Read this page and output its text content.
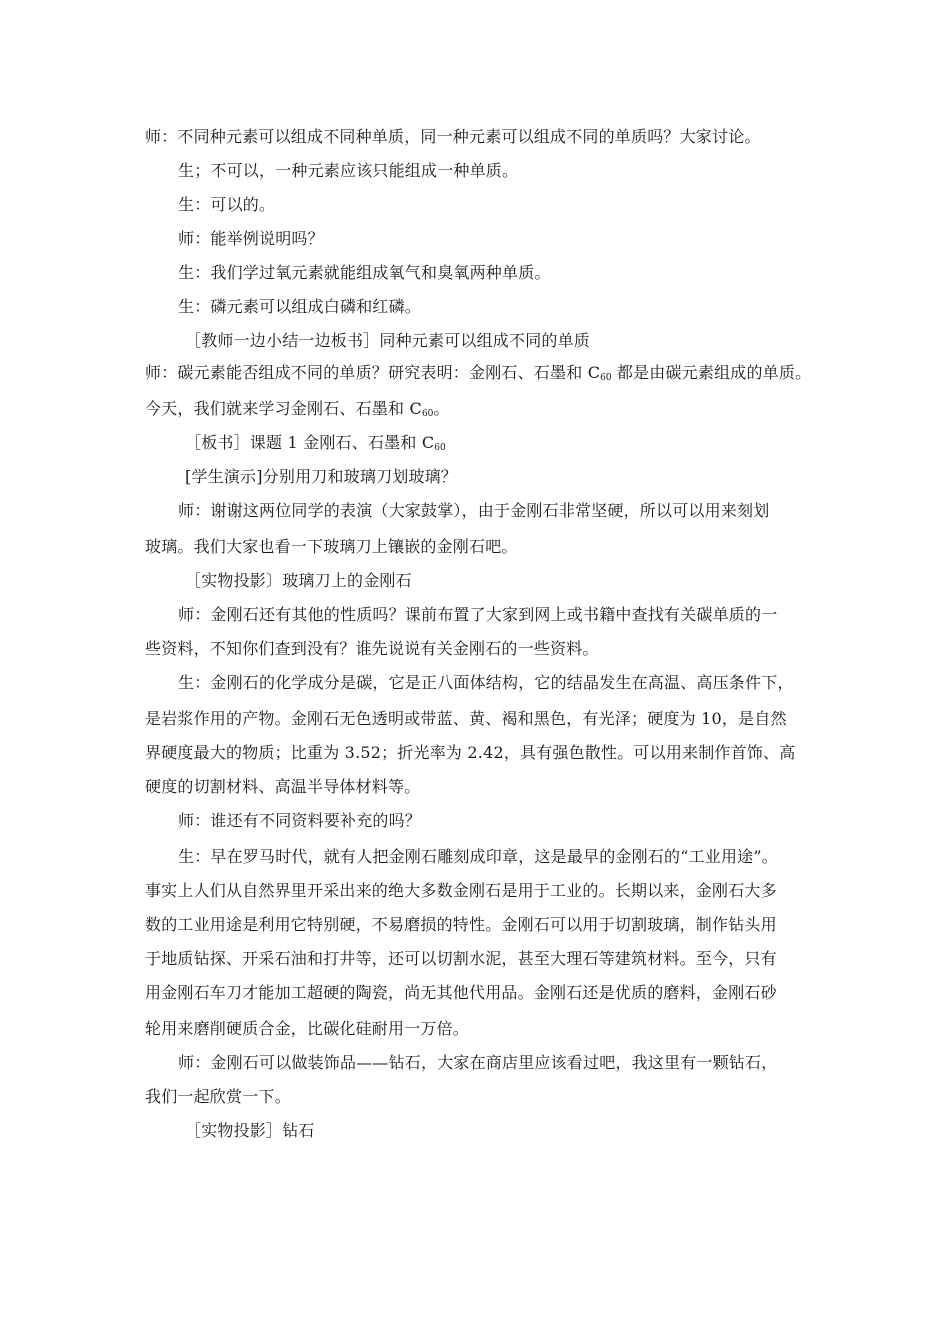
师：不同种元素可以组成不同种单质，同一种元素可以组成不同的单质吗？大家讨论。
生；不可以，一种元素应该只能组成一种单质。
生：可以的。
师：能举例说明吗？
生：我们学过氧元素就能组成氧气和臭氧两种单质。
生：磷元素可以组成白磷和红磷。
［教师一边小结一边板书］同种元素可以组成不同的单质
师：碳元素能否组成不同的单质？研究表明：金刚石、石墨和 $C_{60}$ 都是由碳元素组成的单质。
今天，我们就来学习金刚石、石墨和 $C_{60}$。
［板书］课题 1 金刚石、石墨和 $C_{60}$
[学生演示]分别用刀和玻璃刀划玻璃？
师：谢谢这两位同学的表演（大家鼓掌），由于金刚石非常坚硬，所以可以用来刻划
玻璃。我们大家也看一下玻璃刀上镶嵌的金刚石吧。
［实物投影〕玻璃刀上的金刚石
师：金刚石还有其他的性质吗？课前布置了大家到网上或书籍中查找有关碳单质的一
些资料，不知你们查到没有？谁先说说有关金刚石的一些资料。
生：金刚石的化学成分是碳，它是正八面体结构，它的结晶发生在高温、高压条件下，
是岩浆作用的产物。金刚石无色透明或带蓝、黄、褐和黑色，有光泽；硬度为 10，是自然
界硬度最大的物质；比重为 3.52；折光率为 2.42，具有强色散性。可以用来制作首饰、高
硬度的切割材料、高温半导体材料等。
师：谁还有不同资料要补充的吗？
生：早在罗马时代，就有人把金刚石雕刻成印章，这是最早的金刚石的“工业用途”。
事实上人们从自然界里开采出来的绝大多数金刚石是用于工业的。长期以来，金刚石大多
数的工业用途是利用它特别硬，不易磨损的特性。金刚石可以用于切割玻璃，制作钻头用
于地质钻探、开采石油和打井等，还可以切割水泥，甚至大理石等建筑材料。至今，只有
用金刚石车刀才能加工超硬的陶瓷，尚无其他代用品。金刚石还是优质的磨料，金刚石砂
轮用来磨削硬质合金，比碳化硅耐用一万倍。
师：金刚石可以做装饰品——钻石，大家在商店里应该看过吧，我这里有一颗钻石，
我们一起欣赏一下。
［实物投影］钻石
